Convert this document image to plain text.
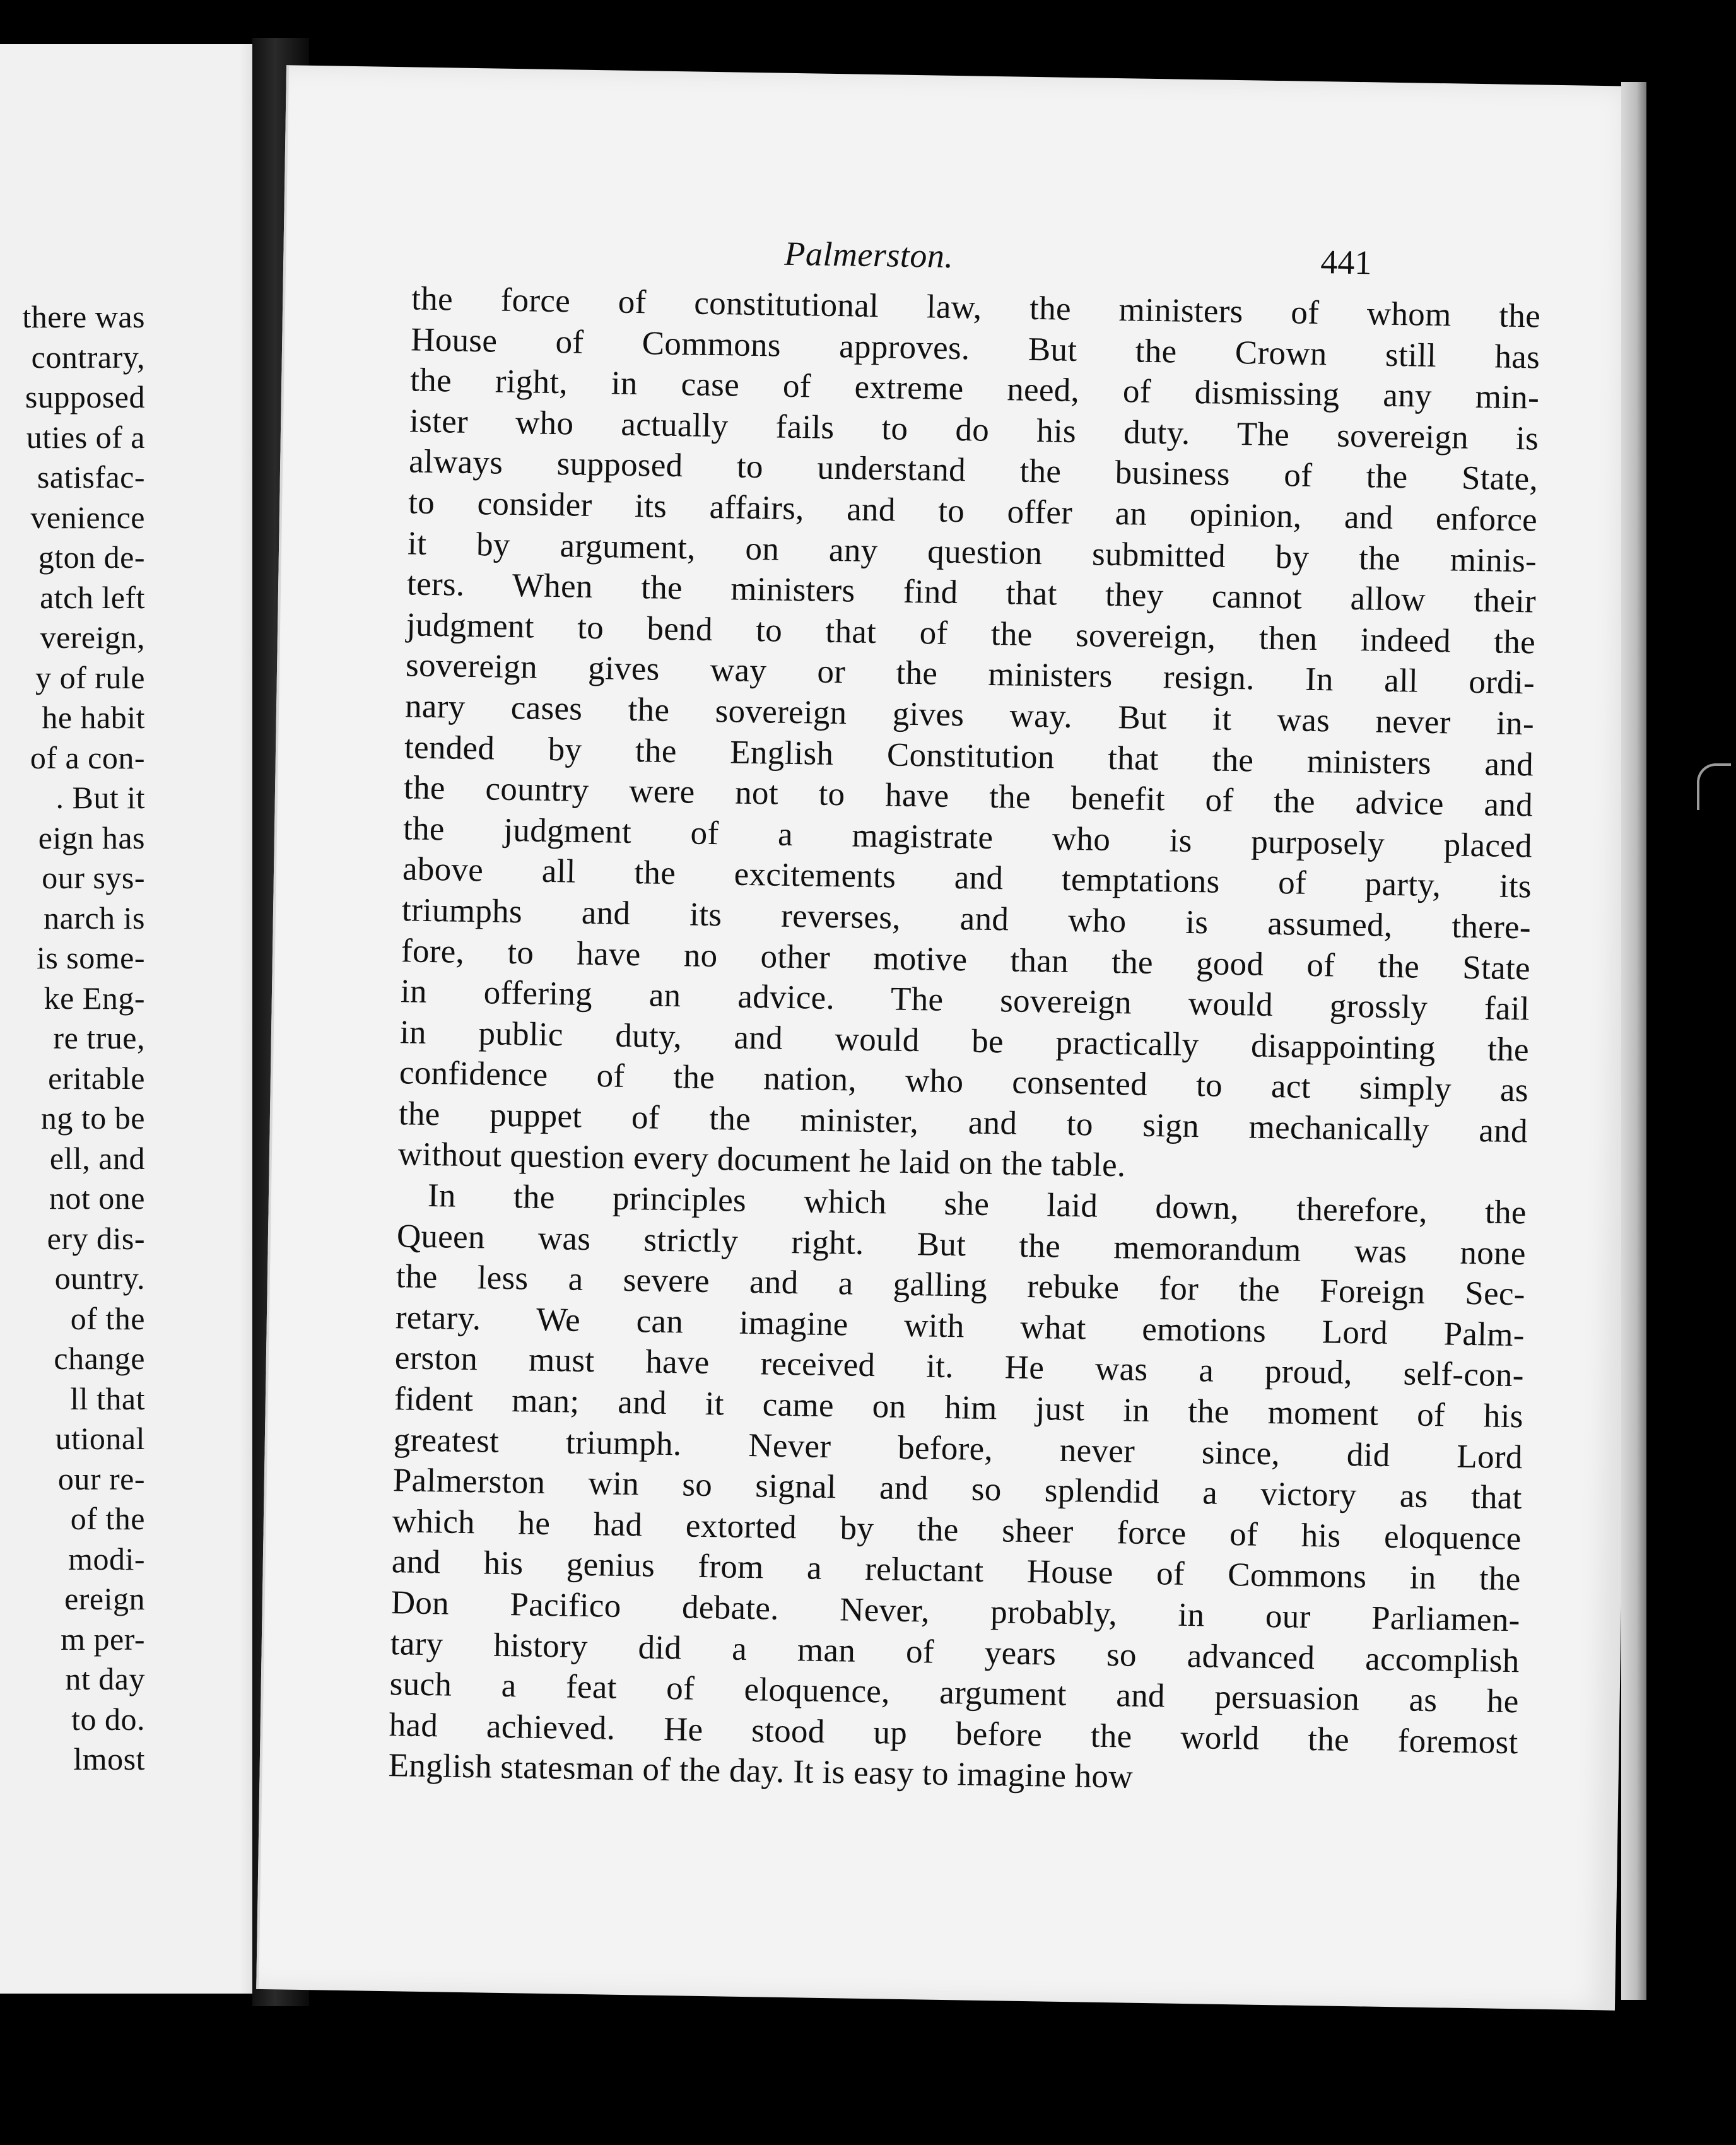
there was
contrary,
supposed
uties of a
satisfac-
venience
gton de-
atch left
vereign,
y of rule
he habit
of a con-
. But it
eign has
our sys-
narch is
is some-
ke Eng-
re true,
eritable
ng to be
ell, and
not one
ery dis-
ountry.
of the
change
ll that
utional
our re-
of the
modi-
ereign
m per-
nt day
to do.
lmost
Palmerston.	441
the force of constitutional law, the ministers of whom the
House of Commons approves. But the Crown still has
the right, in case of extreme need, of dismissing any min-
ister who actually fails to do his duty. The sovereign is
always supposed to understand the business of the State,
to consider its affairs, and to offer an opinion, and enforce
it by argument, on any question submitted by the minis-
ters. When the ministers find that they cannot allow their
judgment to bend to that of the sovereign, then indeed the
sovereign gives way or the ministers resign. In all ordi-
nary cases the sovereign gives way. But it was never in-
tended by the English Constitution that the ministers and
the country were not to have the benefit of the advice and
the judgment of a magistrate who is purposely placed
above all the excitements and temptations of party, its
triumphs and its reverses, and who is assumed, there-
fore, to have no other motive than the good of the State
in offering an advice. The sovereign would grossly fail
in public duty, and would be practically disappointing the
confidence of the nation, who consented to act simply as
the puppet of the minister, and to sign mechanically and
without question every document he laid on the table.
In the principles which she laid down, therefore, the
Queen was strictly right. But the memorandum was none
the less a severe and a galling rebuke for the Foreign Sec-
retary. We can imagine with what emotions Lord Palm-
erston must have received it. He was a proud, self-con-
fident man; and it came on him just in the moment of his
greatest triumph. Never before, never since, did Lord
Palmerston win so signal and so splendid a victory as that
which he had extorted by the sheer force of his eloquence
and his genius from a reluctant House of Commons in the
Don Pacifico debate. Never, probably, in our Parliamen-
tary history did a man of years so advanced accomplish
such a feat of eloquence, argument and persuasion as he
had achieved. He stood up before the world the foremost
English statesman of the day. It is easy to imagine how
